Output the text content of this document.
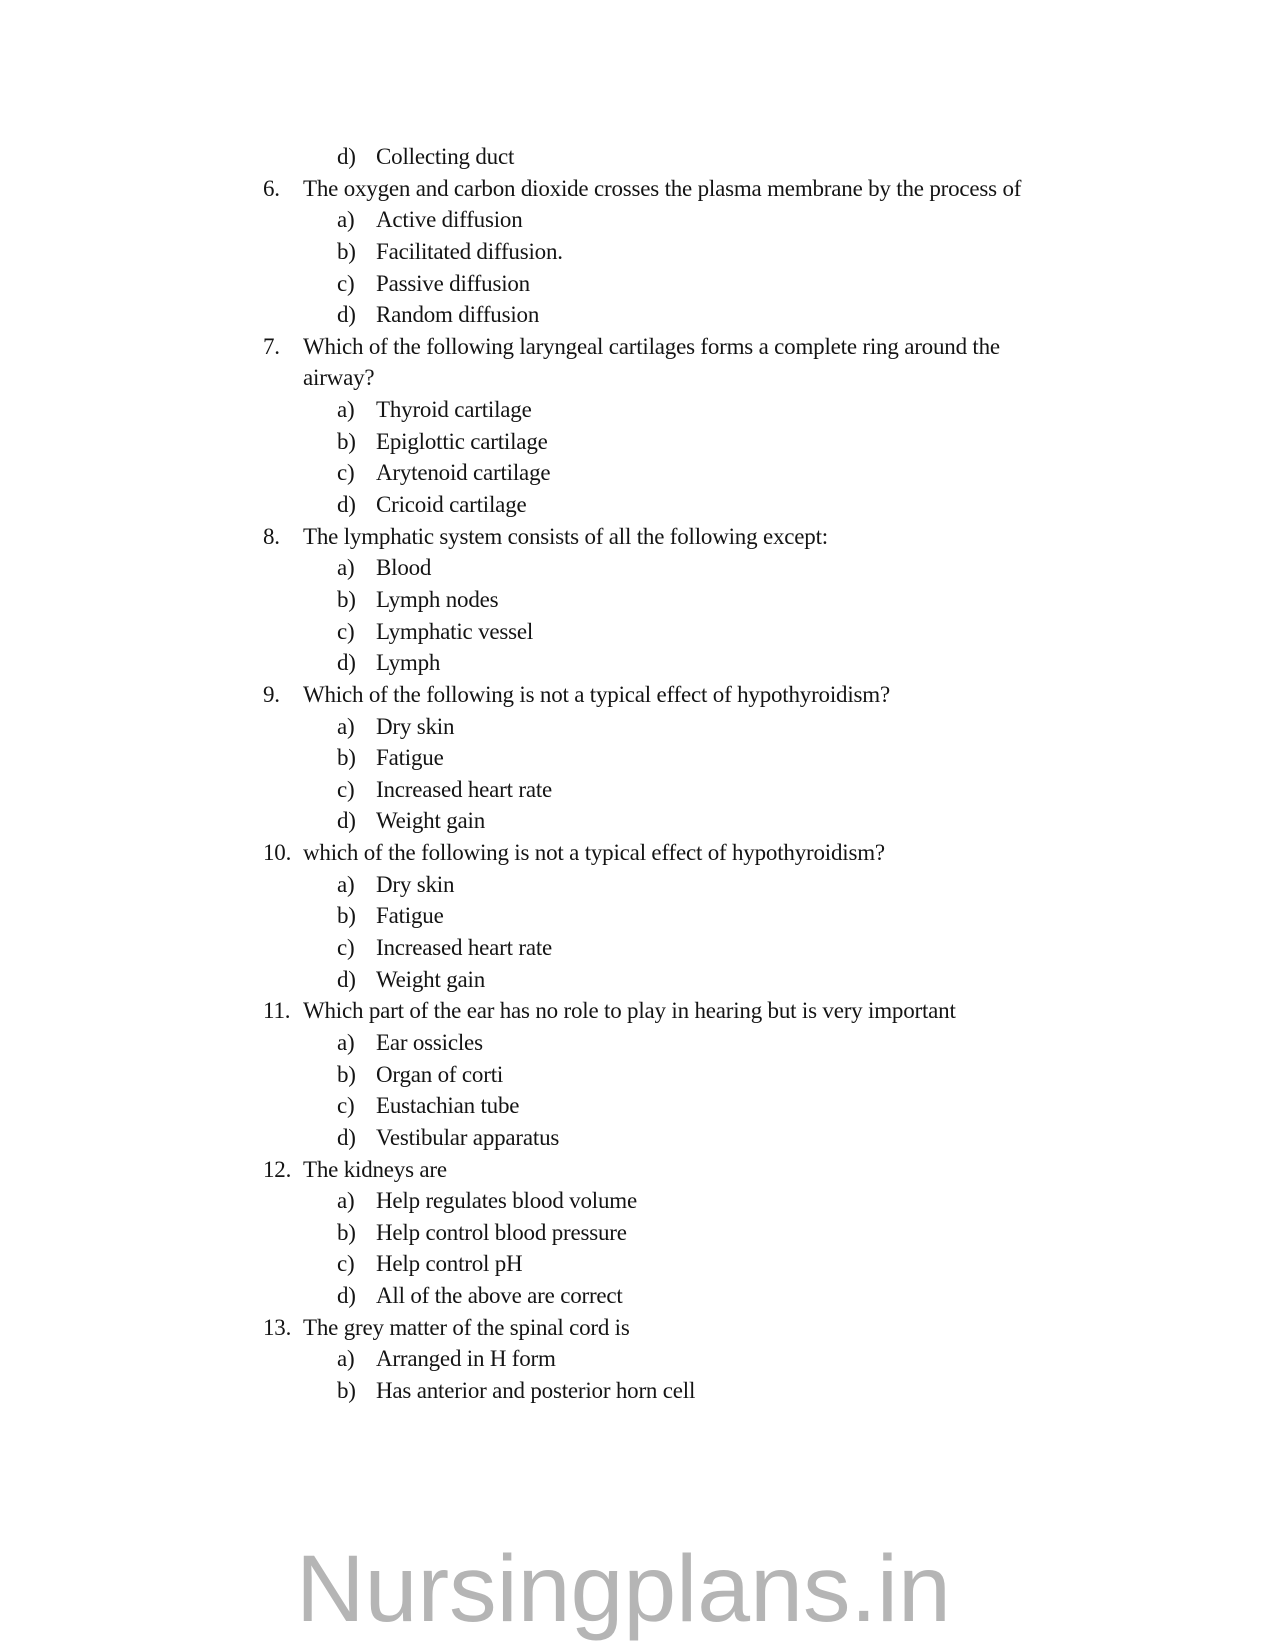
d) Collecting duct
6. The oxygen and carbon dioxide crosses the plasma membrane by the process of
a) Active diffusion
b) Facilitated diffusion.
c) Passive diffusion
d) Random diffusion
7. Which of the following laryngeal cartilages forms a complete ring around the
airway?
a) Thyroid cartilage
b) Epiglottic cartilage
c) Arytenoid cartilage
d) Cricoid cartilage
8. The lymphatic system consists of all the following except:
a) Blood
b) Lymph nodes
c) Lymphatic vessel
d) Lymph
9. Which of the following is not a typical effect of hypothyroidism?
a) Dry skin
b) Fatigue
c) Increased heart rate
d) Weight gain
10. which of the following is not a typical effect of hypothyroidism?
a) Dry skin
b) Fatigue
c) Increased heart rate
d) Weight gain
11. Which part of the ear has no role to play in hearing but is very important
a) Ear ossicles
b) Organ of corti
c) Eustachian tube
d) Vestibular apparatus
12. The kidneys are
a) Help regulates blood volume
b) Help control blood pressure
c) Help control pH
d) All of the above are correct
13. The grey matter of the spinal cord is
a) Arranged in H form
b) Has anterior and posterior horn cell
Nursingplans.in
